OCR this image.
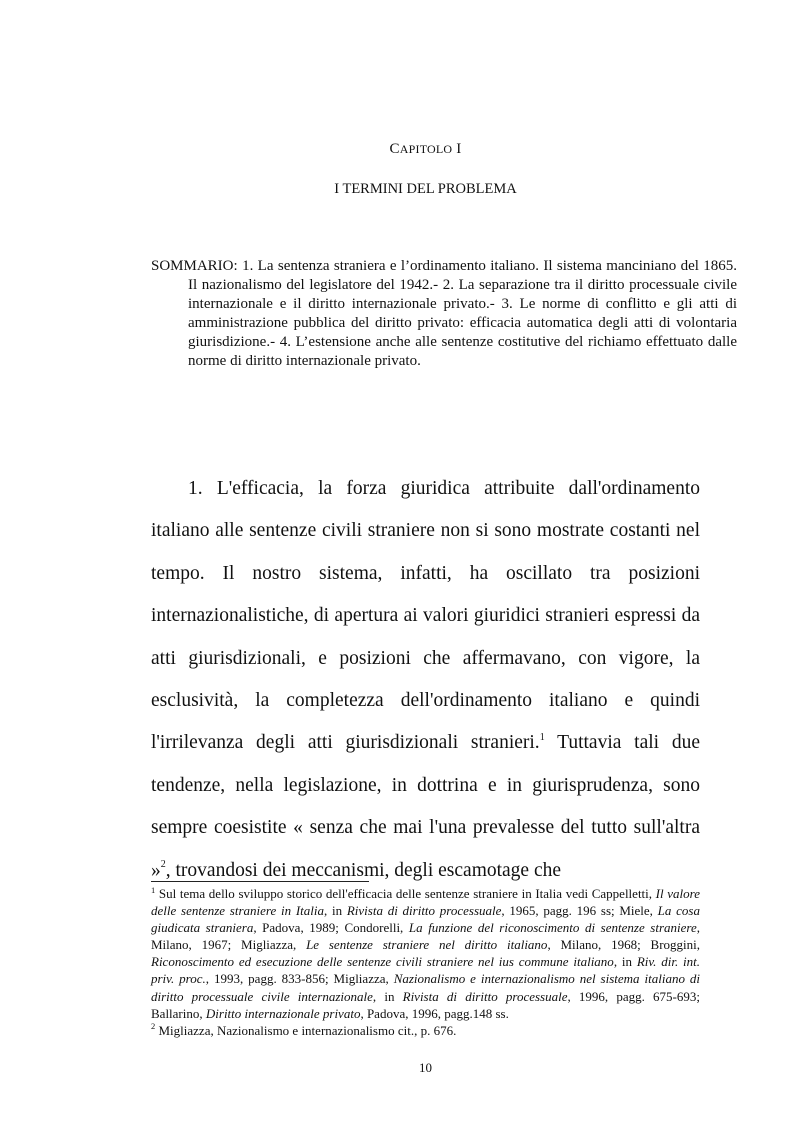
CAPITOLO I
I TERMINI DEL PROBLEMA
SOMMARIO: 1. La sentenza straniera e l’ordinamento italiano. Il sistema manciniano del 1865. Il nazionalismo del legislatore del 1942.- 2. La separazione tra il diritto processuale civile internazionale e il diritto internazionale privato.- 3. Le norme di conflitto e gli atti di amministrazione pubblica del diritto privato: efficacia automatica degli atti di volontaria giurisdizione.- 4. L’estensione anche alle sentenze costitutive del richiamo effettuato dalle norme di diritto internazionale privato.
1. L'efficacia, la forza giuridica attribuite dall'ordinamento italiano alle sentenze civili straniere non si sono mostrate costanti nel tempo. Il nostro sistema, infatti, ha oscillato tra posizioni internazionalistiche, di apertura ai valori giuridici stranieri espressi da atti giurisdizionali, e posizioni che affermavano, con vigore, la esclusività, la completezza dell'ordinamento italiano e quindi l'irrilevanza degli atti giurisdizionali stranieri.$^1$ Tuttavia tali due tendenze, nella legislazione, in dottrina e in giurisprudenza, sono sempre coesistite « senza che mai l'una prevalesse del tutto sull'altra »$^2$, trovandosi dei meccanismi, degli escamotage che

$^1$ Sul tema dello sviluppo storico dell'efficacia delle sentenze straniere in Italia vedi Cappelletti, Il valore delle sentenze straniere in Italia, in Rivista di diritto processuale, 1965, pagg. 196 ss; Miele, La cosa giudicata straniera, Padova, 1989; Condorelli, La funzione del riconoscimento di sentenze straniere, Milano, 1967; Migliazza, Le sentenze straniere nel diritto italiano, Milano, 1968; Broggini, Riconoscimento ed esecuzione delle sentenze civili straniere nel ius commune italiano, in Riv. dir. int. priv. proc., 1993, pagg. 833-856; Migliazza, Nazionalismo e internazionalismo nel sistema italiano di diritto processuale civile internazionale, in Rivista di diritto processuale, 1996, pagg. 675-693; Ballarino, Diritto internazionale privato, Padova, 1996, pagg.148 ss.

$^2$ Migliazza, Nazionalismo e internazionalismo cit., p. 676.

10
